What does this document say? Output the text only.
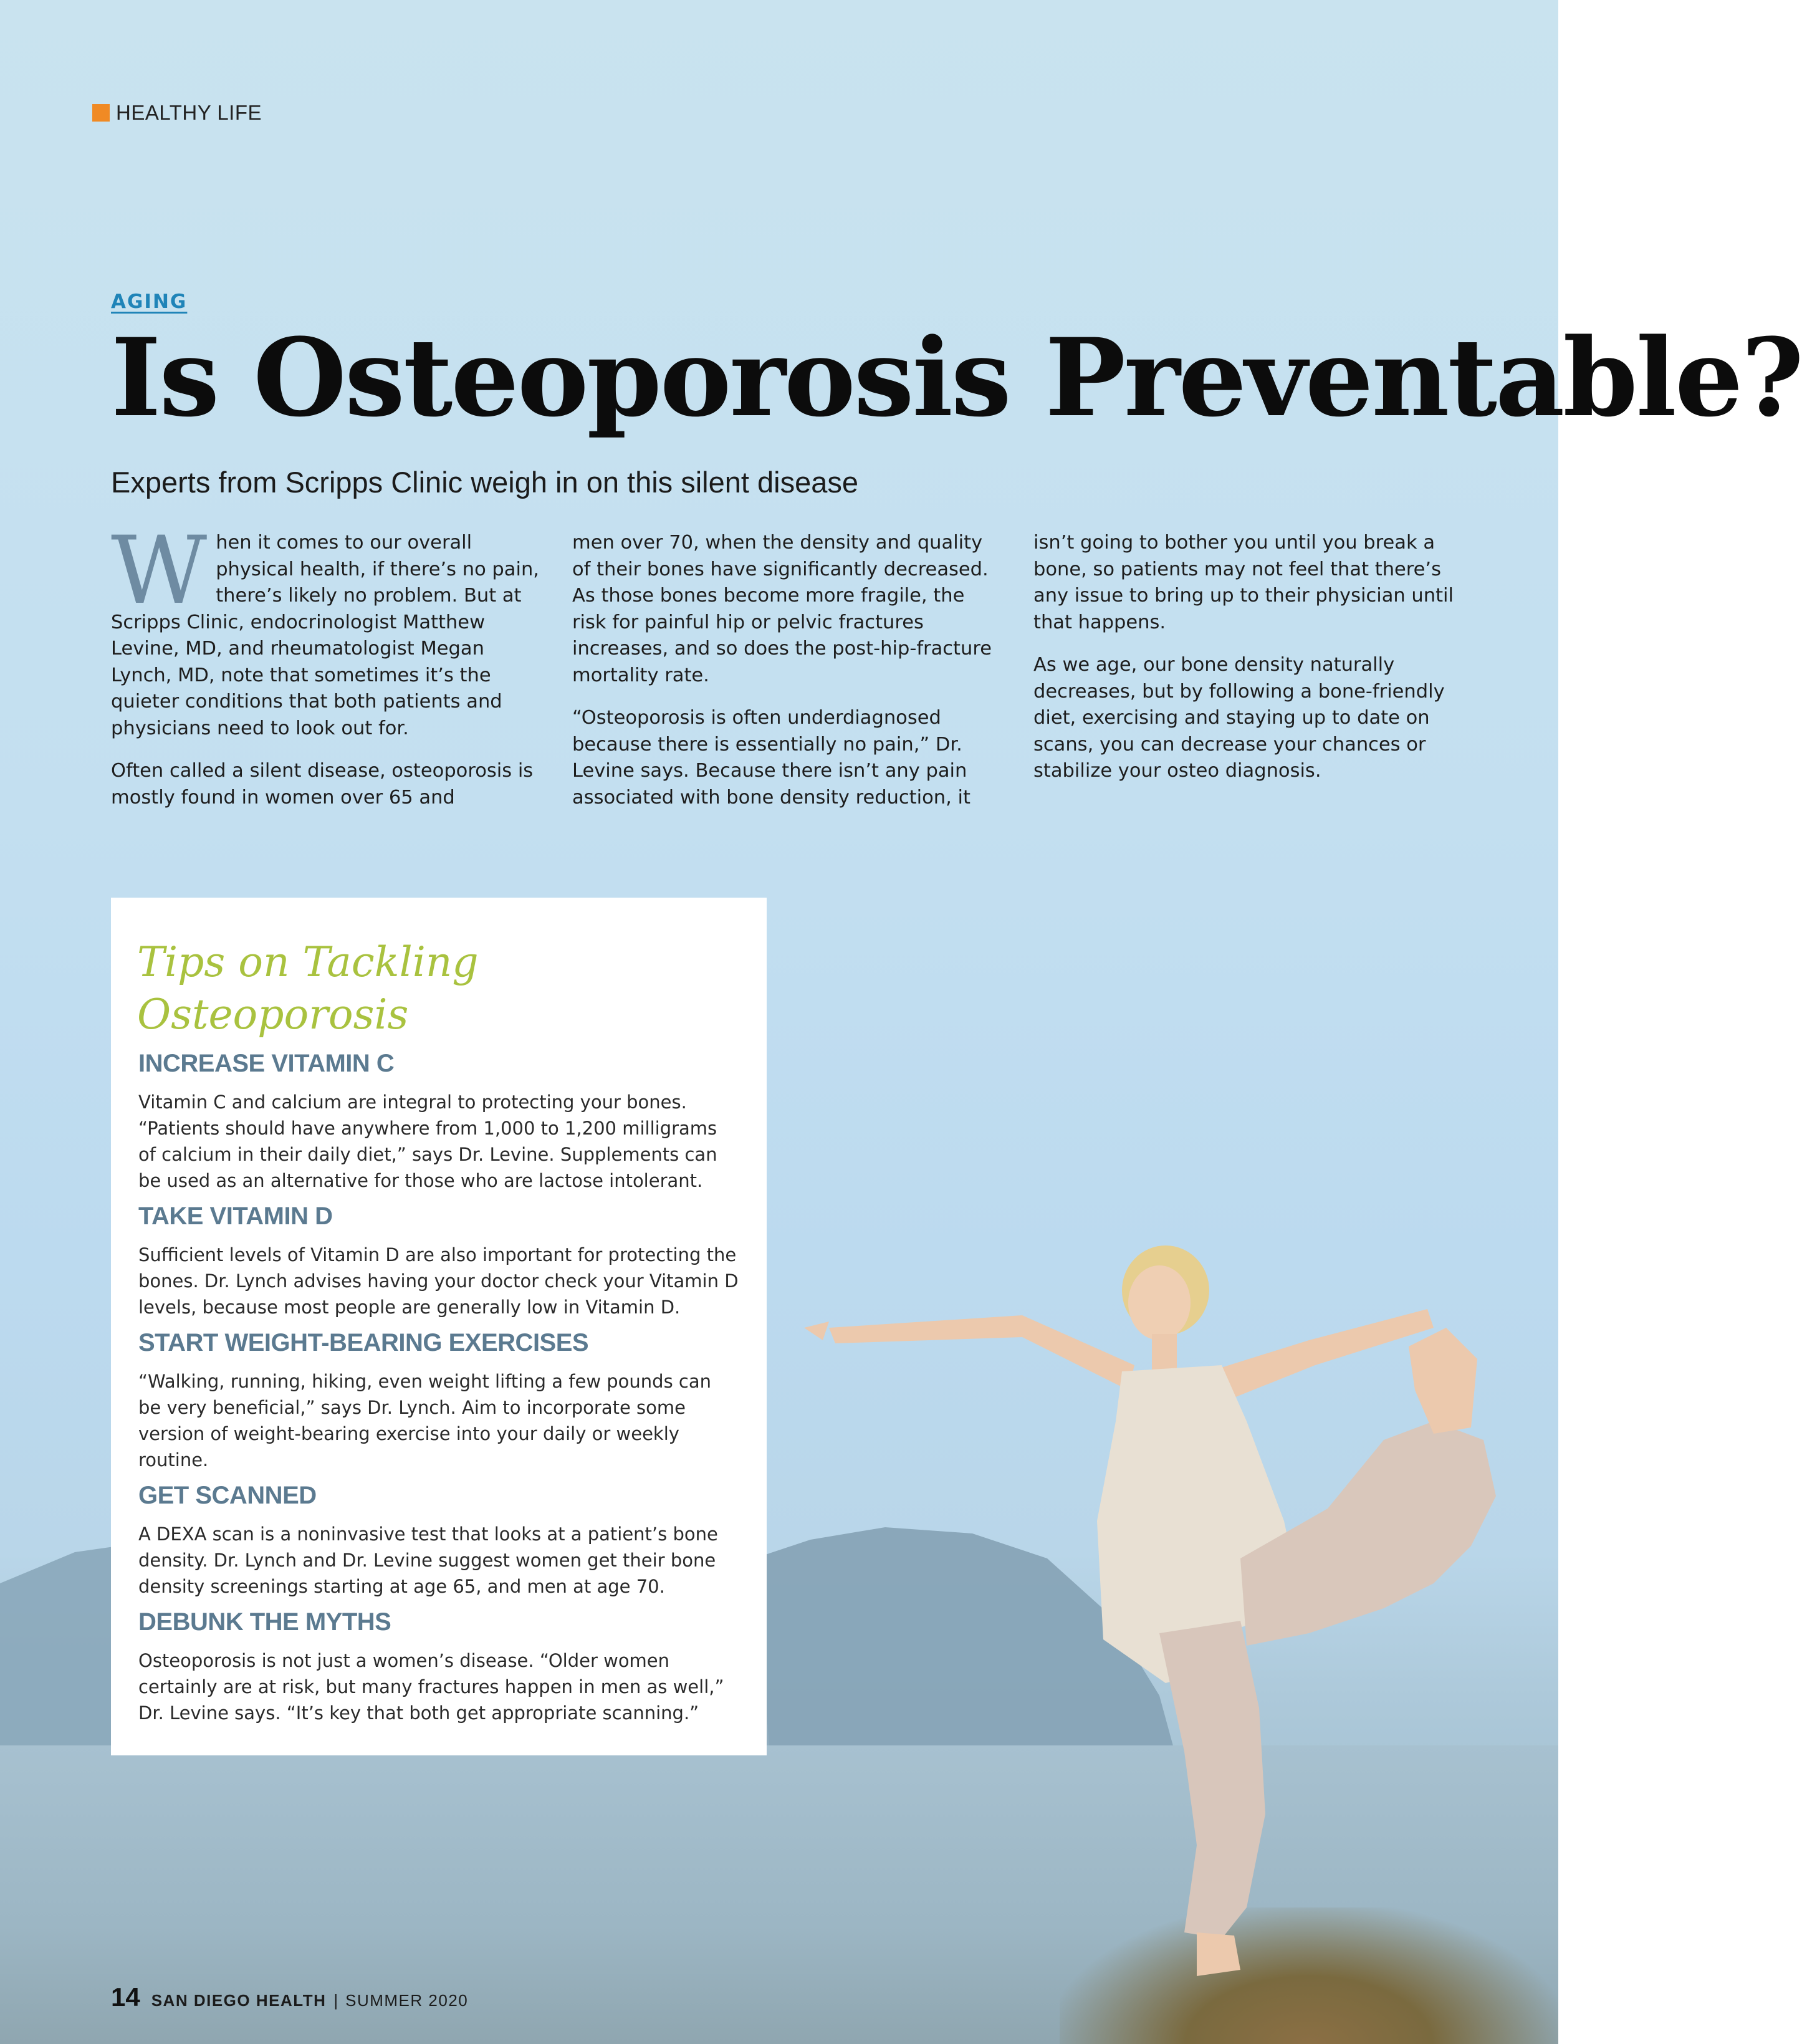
HEALTHY LIFE
AGING
Is Osteoporosis Preventable?
Experts from Scripps Clinic weigh in on this silent disease

When it comes to our overall physical health, if there’s no pain, there’s likely no problem. But at Scripps Clinic, endocrinologist Matthew Levine, MD, and rheumatologist Megan Lynch, MD, note that sometimes it’s the quieter conditions that both patients and physicians need to look out for.

Often called a silent disease, osteoporosis is mostly found in women over 65 and

men over 70, when the density and quality of their bones have significantly decreased. As those bones become more fragile, the risk for painful hip or pelvic fractures increases, and so does the post-hip-fracture mortality rate.

“Osteoporosis is often underdiagnosed because there is essentially no pain,” Dr. Levine says. Because there isn’t any pain associated with bone density reduction, it

isn’t going to bother you until you break a bone, so patients may not feel that there’s any issue to bring up to their physician until that happens.

As we age, our bone density naturally decreases, but by following a bone-friendly diet, exercising and staying up to date on scans, you can decrease your chances or stabilize your osteo diagnosis.

Tips on Tackling Osteoporosis
INCREASE VITAMIN C
Vitamin C and calcium are integral to protecting your bones. “Patients should have anywhere from 1,000 to 1,200 milligrams of calcium in their daily diet,” says Dr. Levine. Supplements can be used as an alternative for those who are lactose intolerant.
TAKE VITAMIN D
Sufficient levels of Vitamin D are also important for protecting the bones. Dr. Lynch advises having your doctor check your Vitamin D levels, because most people are generally low in Vitamin D.
START WEIGHT-BEARING EXERCISES
“Walking, running, hiking, even weight lifting a few pounds can be very beneficial,” says Dr. Lynch. Aim to incorporate some version of weight-bearing exercise into your daily or weekly routine.
GET SCANNED
A DEXA scan is a noninvasive test that looks at a patient’s bone density. Dr. Lynch and Dr. Levine suggest women get their bone density screenings starting at age 65, and men at age 70.
DEBUNK THE MYTHS
Osteoporosis is not just a women’s disease. “Older women certainly are at risk, but many fractures happen in men as well,” Dr. Levine says. “It’s key that both get appropriate scanning.”
14 SAN DIEGO HEALTH | SUMMER 2020
